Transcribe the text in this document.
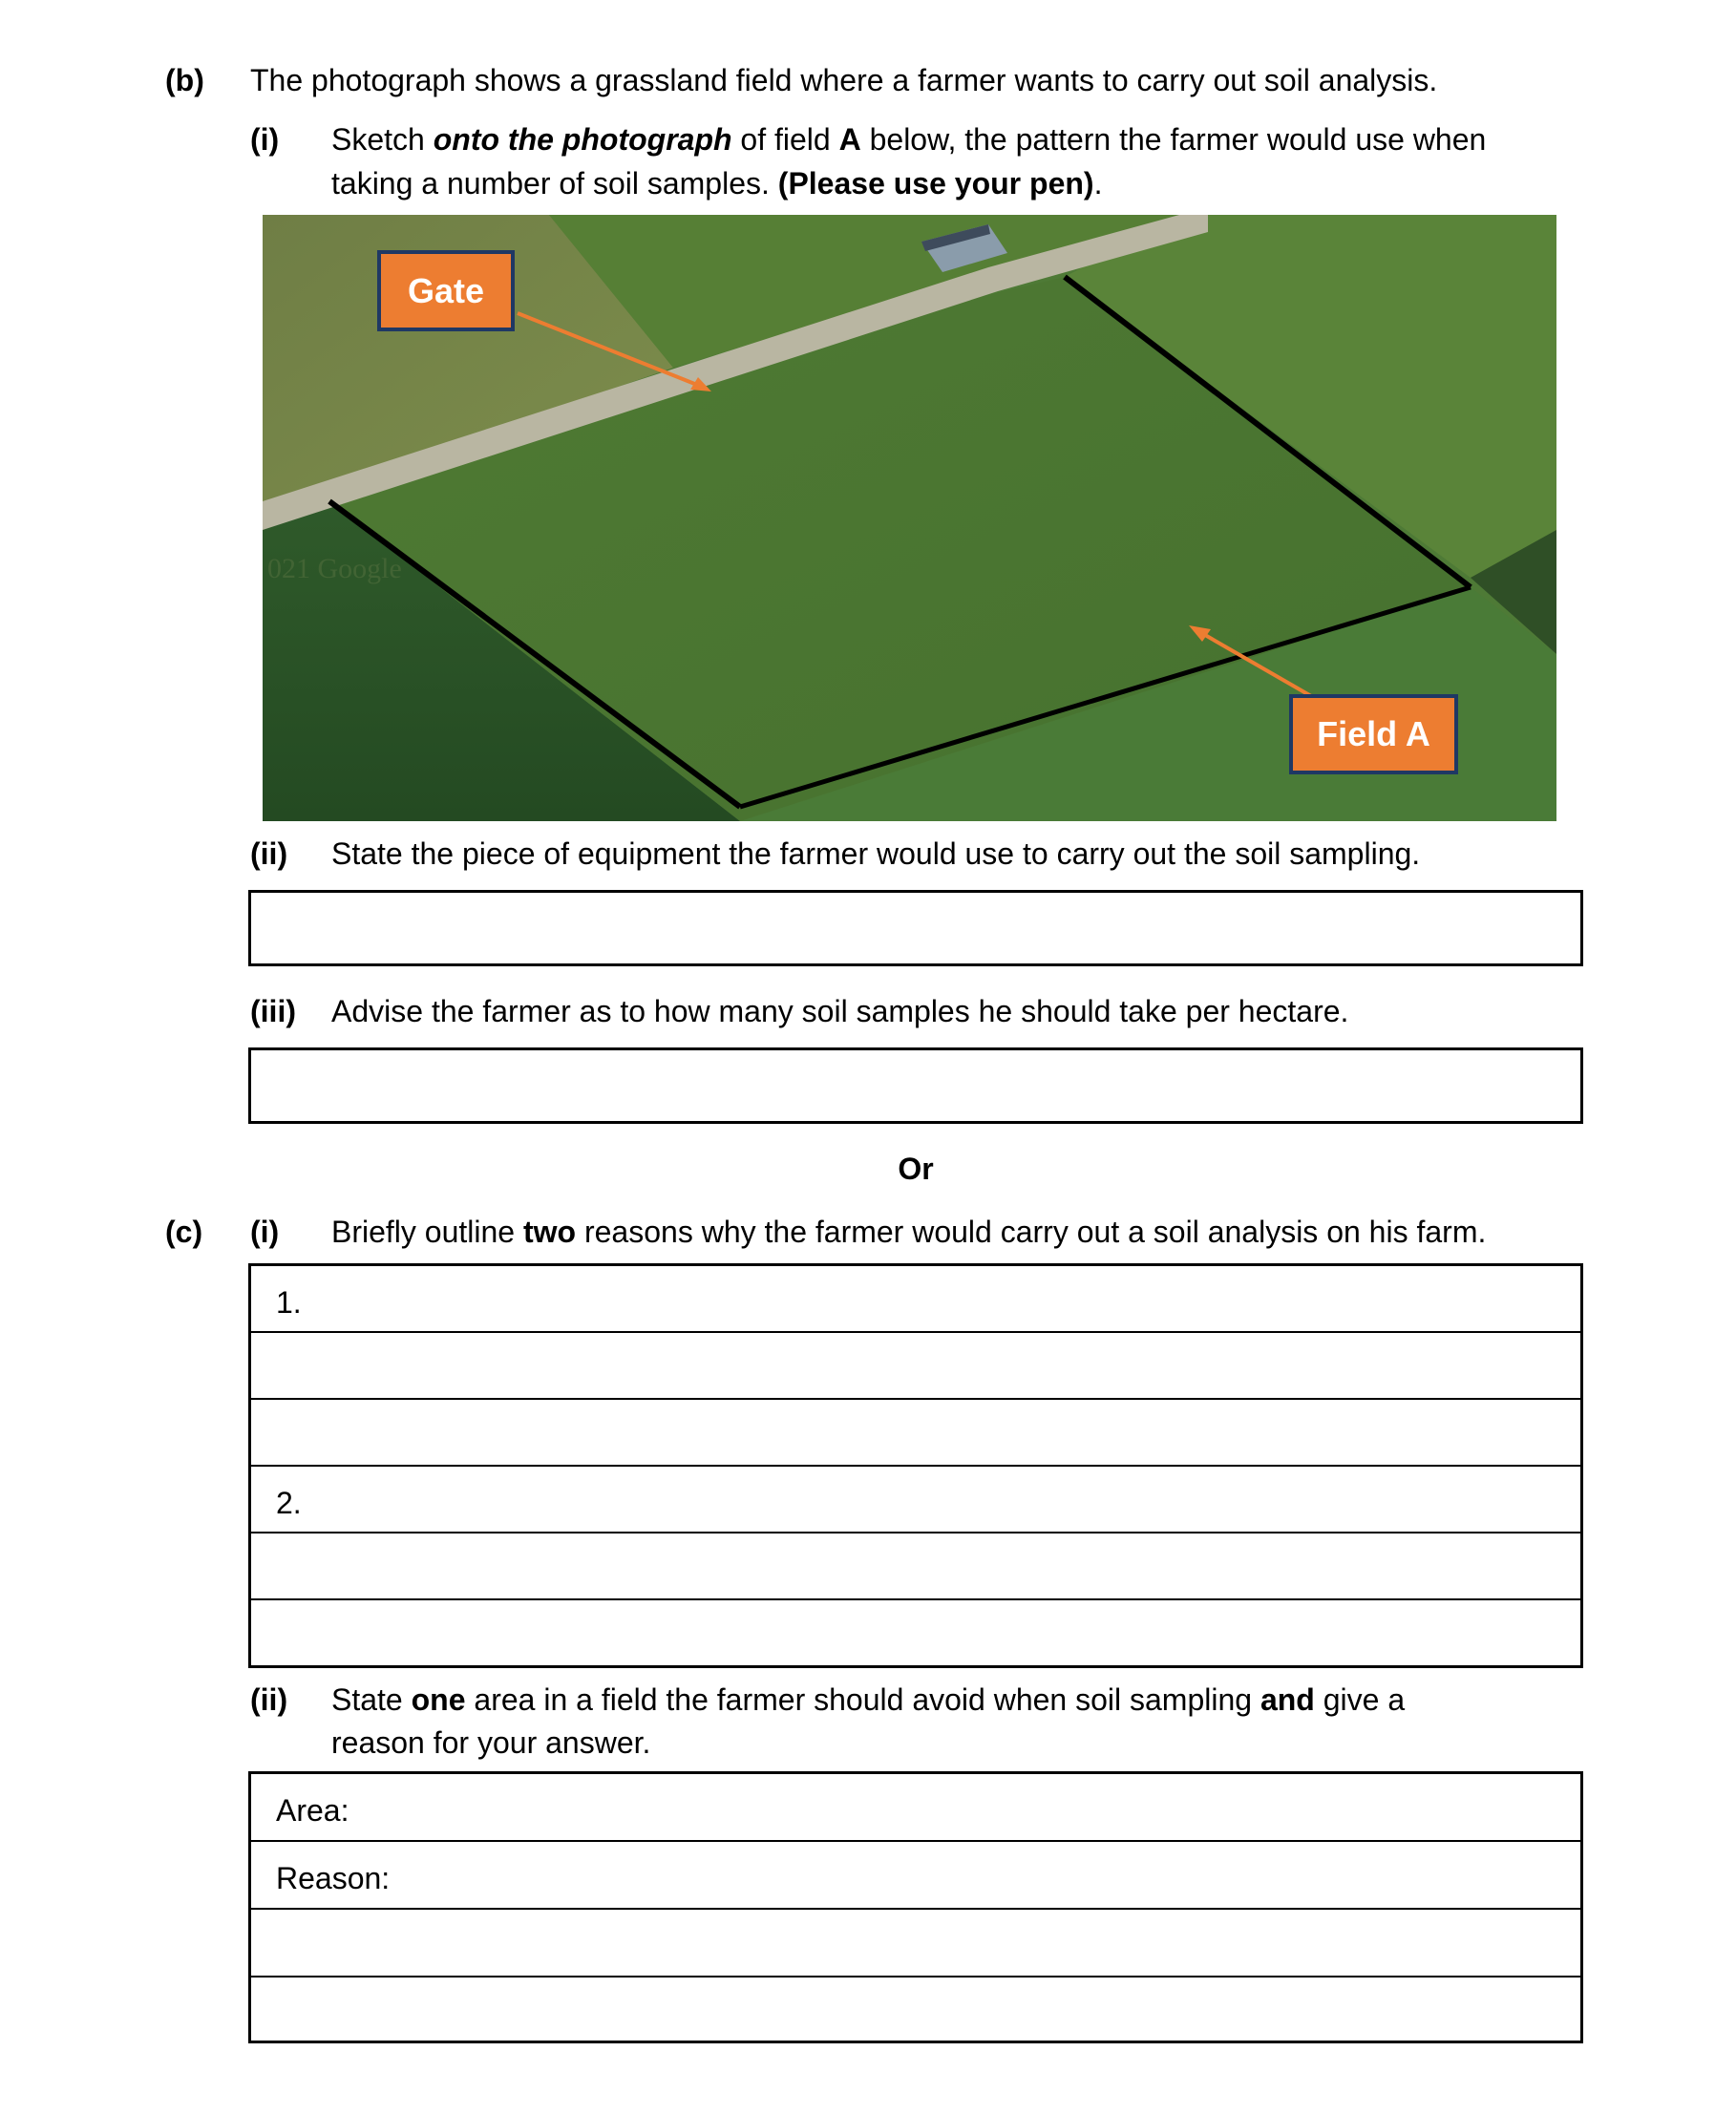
(b) The photograph shows a grassland field where a farmer wants to carry out soil analysis.
(i) Sketch onto the photograph of field A below, the pattern the farmer would use when
taking a number of soil samples. (Please use your pen).
021 Google
Gate
Field A
(ii) State the piece of equipment the farmer would use to carry out the soil sampling.
(iii) Advise the farmer as to how many soil samples he should take per hectare.
Or
(c) (i) Briefly outline two reasons why the farmer would carry out a soil analysis on his farm.
1.
2.
(ii) State one area in a field the farmer should avoid when soil sampling and give a
reason for your answer.
Area:
Reason:
